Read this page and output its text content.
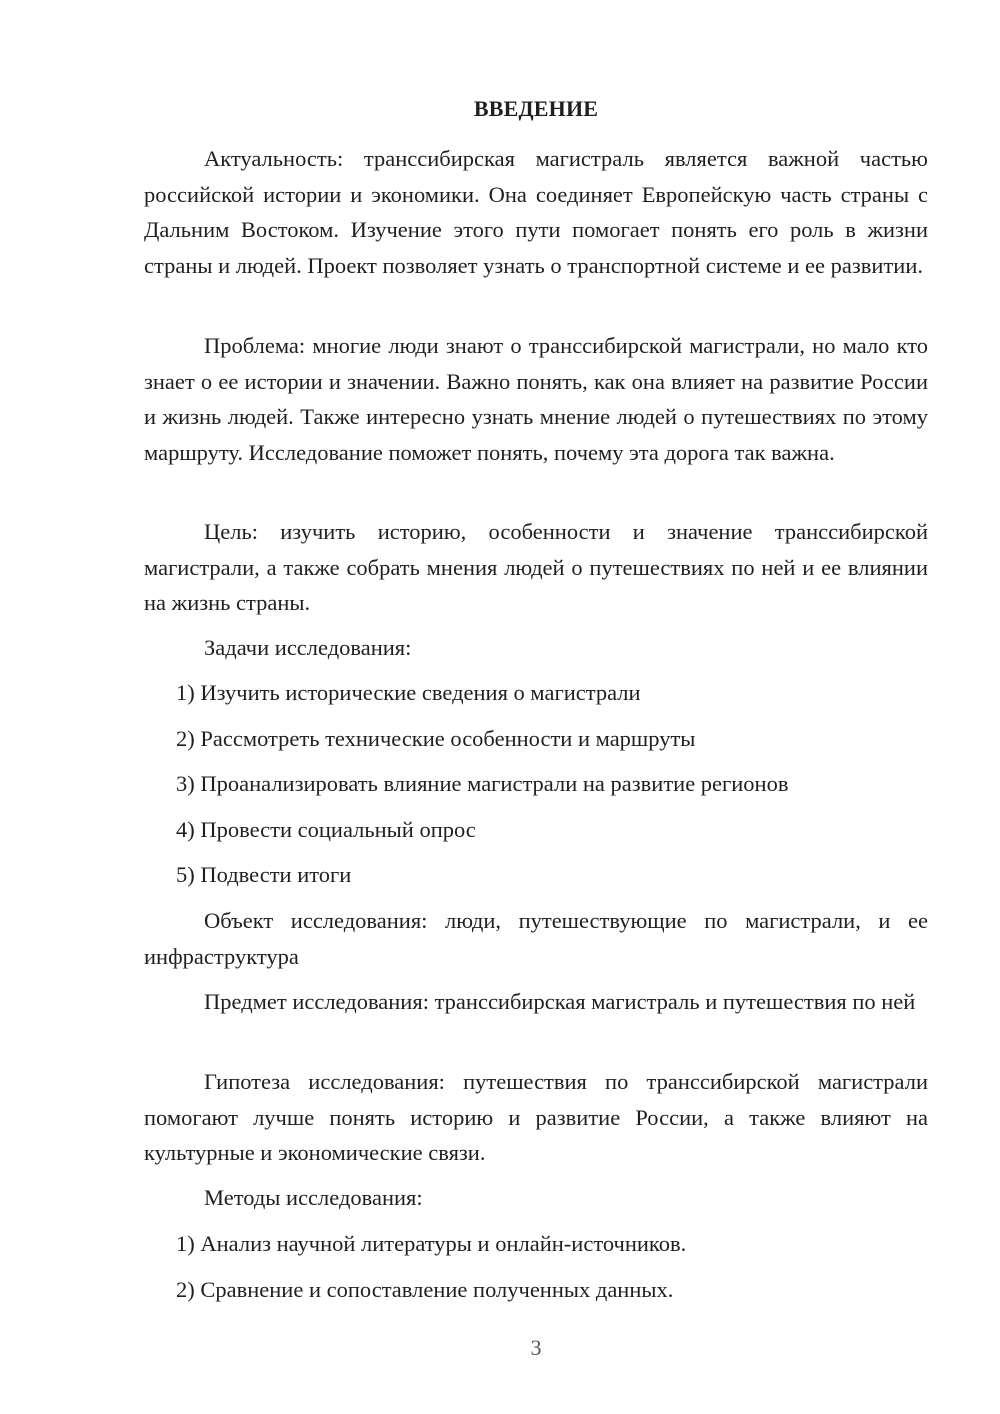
ВВЕДЕНИЕ

Актуальность: транссибирская магистраль является важной частью российской истории и экономики. Она соединяет Европейскую часть страны с Дальним Востоком. Изучение этого пути помогает понять его роль в жизни страны и людей. Проект позволяет узнать о транспортной системе и ее развитии.

Проблема: многие люди знают о транссибирской магистрали, но мало кто знает о ее истории и значении. Важно понять, как она влияет на развитие России и жизнь людей. Также интересно узнать мнение людей о путешествиях по этому маршруту. Исследование поможет понять, почему эта дорога так важна.

Цель: изучить историю, особенности и значение транссибирской магистрали, а также собрать мнения людей о путешествиях по ней и ее влиянии на жизнь страны.

Задачи исследования:

1) Изучить исторические сведения о магистрали

2) Рассмотреть технические особенности и маршруты

3) Проанализировать влияние магистрали на развитие регионов

4) Провести социальный опрос

5) Подвести итоги

Объект исследования: люди, путешествующие по магистрали, и ее инфраструктура

Предмет исследования: транссибирская магистраль и путешествия по ней

Гипотеза исследования: путешествия по транссибирской магистрали помогают лучше понять историю и развитие России, а также влияют на культурные и экономические связи.

Методы исследования:

1) Анализ научной литературы и онлайн-источников.

2) Сравнение и сопоставление полученных данных.

3
